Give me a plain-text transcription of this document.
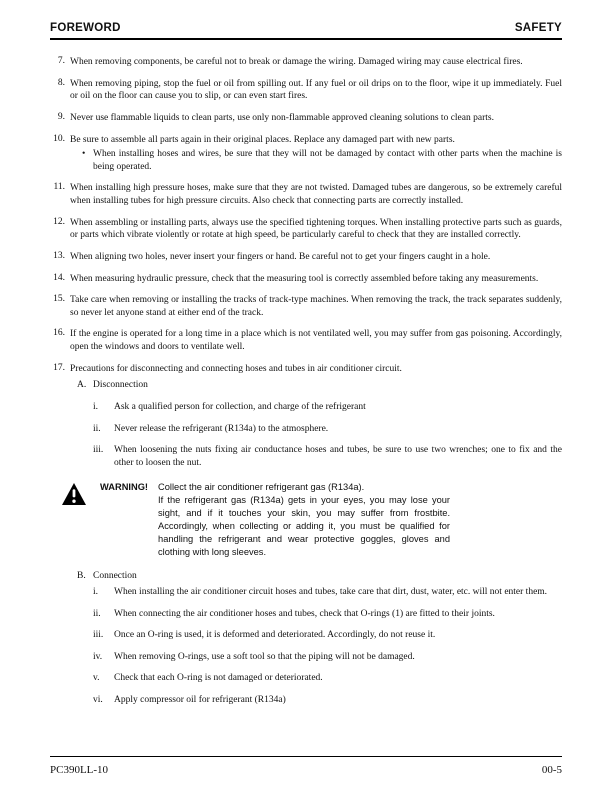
FOREWORD	SAFETY
7. When removing components, be careful not to break or damage the wiring. Damaged wiring may cause electrical fires.
8. When removing piping, stop the fuel or oil from spilling out. If any fuel or oil drips on to the floor, wipe it up immediately. Fuel or oil on the floor can cause you to slip, or can even start fires.
9. Never use flammable liquids to clean parts, use only non-flammable approved cleaning solutions to clean parts.
10. Be sure to assemble all parts again in their original places. Replace any damaged part with new parts.
• When installing hoses and wires, be sure that they will not be damaged by contact with other parts when the machine is being operated.
11. When installing high pressure hoses, make sure that they are not twisted. Damaged tubes are dangerous, so be extremely careful when installing tubes for high pressure circuits. Also check that connecting parts are correctly installed.
12. When assembling or installing parts, always use the specified tightening torques. When installing protective parts such as guards, or parts which vibrate violently or rotate at high speed, be particularly careful to check that they are installed correctly.
13. When aligning two holes, never insert your fingers or hand. Be careful not to get your fingers caught in a hole.
14. When measuring hydraulic pressure, check that the measuring tool is correctly assembled before taking any measurements.
15. Take care when removing or installing the tracks of track-type machines. When removing the track, the track separates suddenly, so never let anyone stand at either end of the track.
16. If the engine is operated for a long time in a place which is not ventilated well, you may suffer from gas poisoning. Accordingly, open the windows and doors to ventilate well.
17. Precautions for disconnecting and connecting hoses and tubes in air conditioner circuit.
A. Disconnection
i.	Ask a qualified person for collection, and charge of the refrigerant
ii.	Never release the refrigerant (R134a) to the atmosphere.
iii.	When loosening the nuts fixing air conductance hoses and tubes, be sure to use two wrenches; one to fix and the other to loosen the nut.
WARNING! Collect the air conditioner refrigerant gas (R134a).
If the refrigerant gas (R134a) gets in your eyes, you may lose your sight, and if it touches your skin, you may suffer from frostbite. Accordingly, when collecting or adding it, you must be qualified for handling the refrigerant and wear protective goggles, gloves and clothing with long sleeves.
B. Connection
i.	When installing the air conditioner circuit hoses and tubes, take care that dirt, dust, water, etc. will not enter them.
ii.	When connecting the air conditioner hoses and tubes, check that O-rings (1) are fitted to their joints.
iii.	Once an O-ring is used, it is deformed and deteriorated. Accordingly, do not reuse it.
iv.	When removing O-rings, use a soft tool so that the piping will not be damaged.
v.	Check that each O-ring is not damaged or deteriorated.
vi.	Apply compressor oil for refrigerant (R134a)
PC390LL-10	00-5
